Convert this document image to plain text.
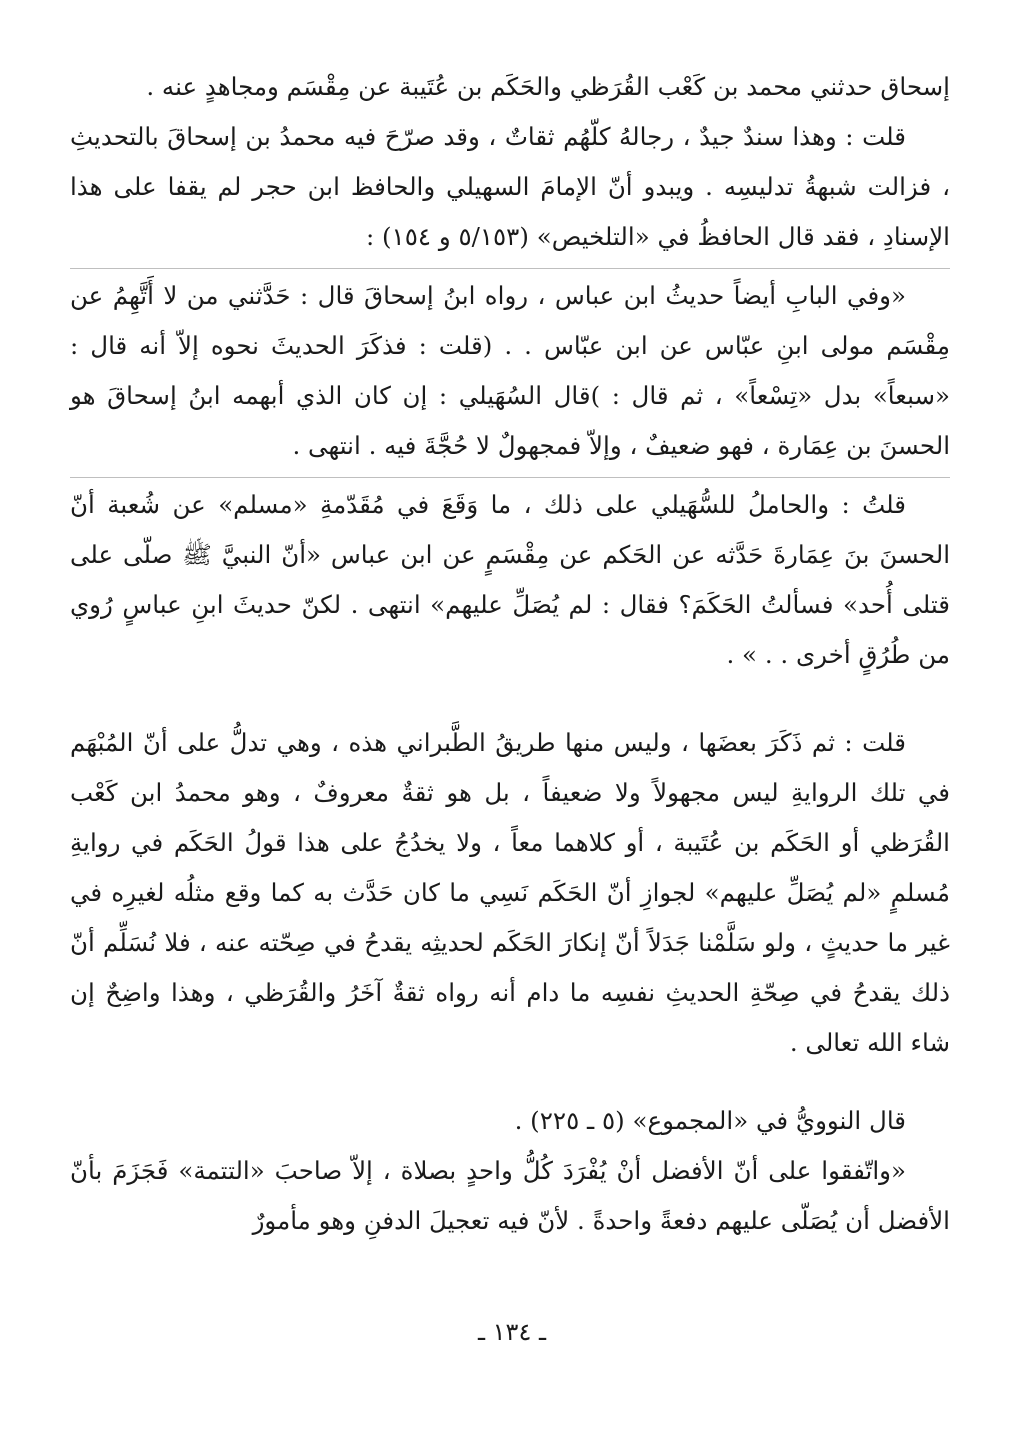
إسحاق حدثني محمد بن كَعْب القُرَظي والحَكَم بن عُتَيبة عن مِقْسَم ومجاهدٍ عنه .

قلت : وهذا سندٌ جيدٌ ، رجالهُ كلّهُم ثقاتٌ ، وقد صرّحَ فيه محمدُ بن إسحاقَ بالتحديثِ ، فزالت شبهةُ تدليسِه . ويبدو أنّ الإمامَ السهيلي والحافظ ابن حجر لم يقفا على هذا الإسنادِ ، فقد قال الحافظُ في «التلخيص» (٥/١٥٣ و ١٥٤) :

«وفي البابِ أيضاً حديثُ ابن عباس ، رواه ابنُ إسحاقَ قال : حَدَّثني من لا أَتَّهِمُ عن مِقْسَم مولى ابنِ عبّاس عن ابن عبّاس . . (قلت : فذكَرَ الحديثَ نحوه إلاّ أنه قال : «سبعاً» بدل «تِسْعاً» ، ثم قال : )قال السُهَيلي : إن كان الذي أبهمه ابنُ إسحاقَ هو الحسنَ بن عِمَارة ، فهو ضعيفٌ ، وإلاّ فمجهولٌ لا حُجَّةَ فيه . انتهى .

قلتُ : والحاملُ للسُّهَيلي على ذلك ، ما وَقَعَ في مُقَدّمةِ «مسلم» عن شُعبة أنّ الحسنَ بنَ عِمَارةَ حَدَّثه عن الحَكم عن مِقْسَمٍ عن ابن عباس «أنّ النبيَّ ﷺ صلّى على قتلى أُحد» فسألتُ الحَكَمَ؟ فقال : لم يُصَلِّ عليهم» انتهى . لكنّ حديثَ ابنِ عباسٍ رُوي من طُرُقٍ أخرى . . » .

قلت : ثم ذَكَرَ بعضَها ، وليس منها طريقُ الطَّبراني هذه ، وهي تدلُّ على أنّ المُبْهَم في تلك الروايةِ ليس مجهولاً ولا ضعيفاً ، بل هو ثقةٌ معروفٌ ، وهو محمدُ ابن كَعْب القُرَظي أو الحَكَم بن عُتَيبة ، أو كلاهما معاً ، ولا يخدُجُ على هذا قولُ الحَكَم في روايةِ مُسلمٍ «لم يُصَلِّ عليهم» لجوازِ أنّ الحَكَم نَسِي ما كان حَدَّث به كما وقع مثلُه لغيرِه في غير ما حديثٍ ، ولو سَلَّمْنا جَدَلاً أنّ إنكارَ الحَكَم لحديثِه يقدحُ في صِحّته عنه ، فلا نُسَلِّم أنّ ذلك يقدحُ في صِحّةِ الحديثِ نفسِه ما دام أنه رواه ثقةٌ آخَرُ والقُرَظي ، وهذا واضِحٌ إن شاء الله تعالى .

قال النوويُّ في «المجموع» (٥ ـ ٢٢٥) .

«واتّفقوا على أنّ الأفضل أنْ يُفْرَدَ كُلُّ واحدٍ بصلاة ، إلاّ صاحبَ «التتمة» فَجَزَمَ بأنّ الأفضل أن يُصَلّى عليهم دفعةً واحدةً . لأنّ فيه تعجيلَ الدفنِ وهو مأمورٌ

ـ ١٣٤ ـ
